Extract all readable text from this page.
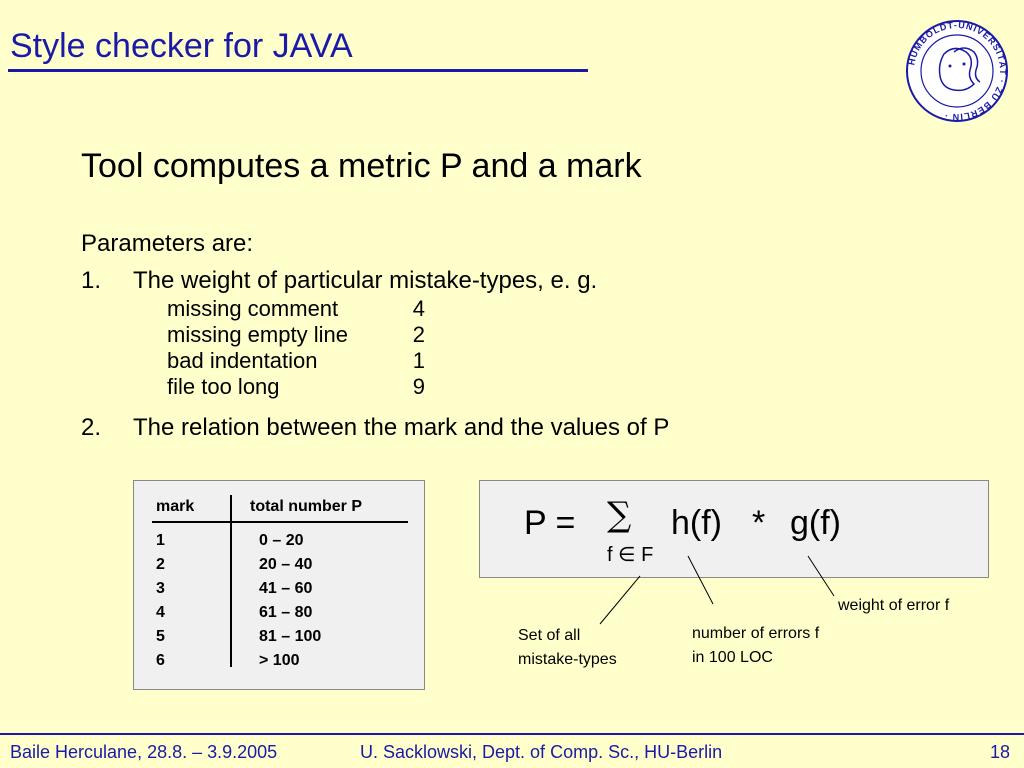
Style checker for JAVA	HUMBOLDT-UNIVERSITÄT · ZU BERLIN ·
Tool computes a metric P and a mark
Parameters are:
1. The weight of particular mistake-types, e. g.
missing comment	4
missing empty line	2
bad indentation	1
file too long	9
2. The relation between the mark and the values of P
mark	total number P
1	0 – 20
2	20 – 40
3	41 – 60
4	61 – 80
5	81 – 100
6	> 100
P = ∑
f ∈ F
h(f) * g(f)
Set of all
mistake-types
number of errors f
in 100 LOC
weight of error f
Baile Herculane, 28.8. – 3.9.2005	U. Sacklowski, Dept. of Comp. Sc., HU-Berlin	18
